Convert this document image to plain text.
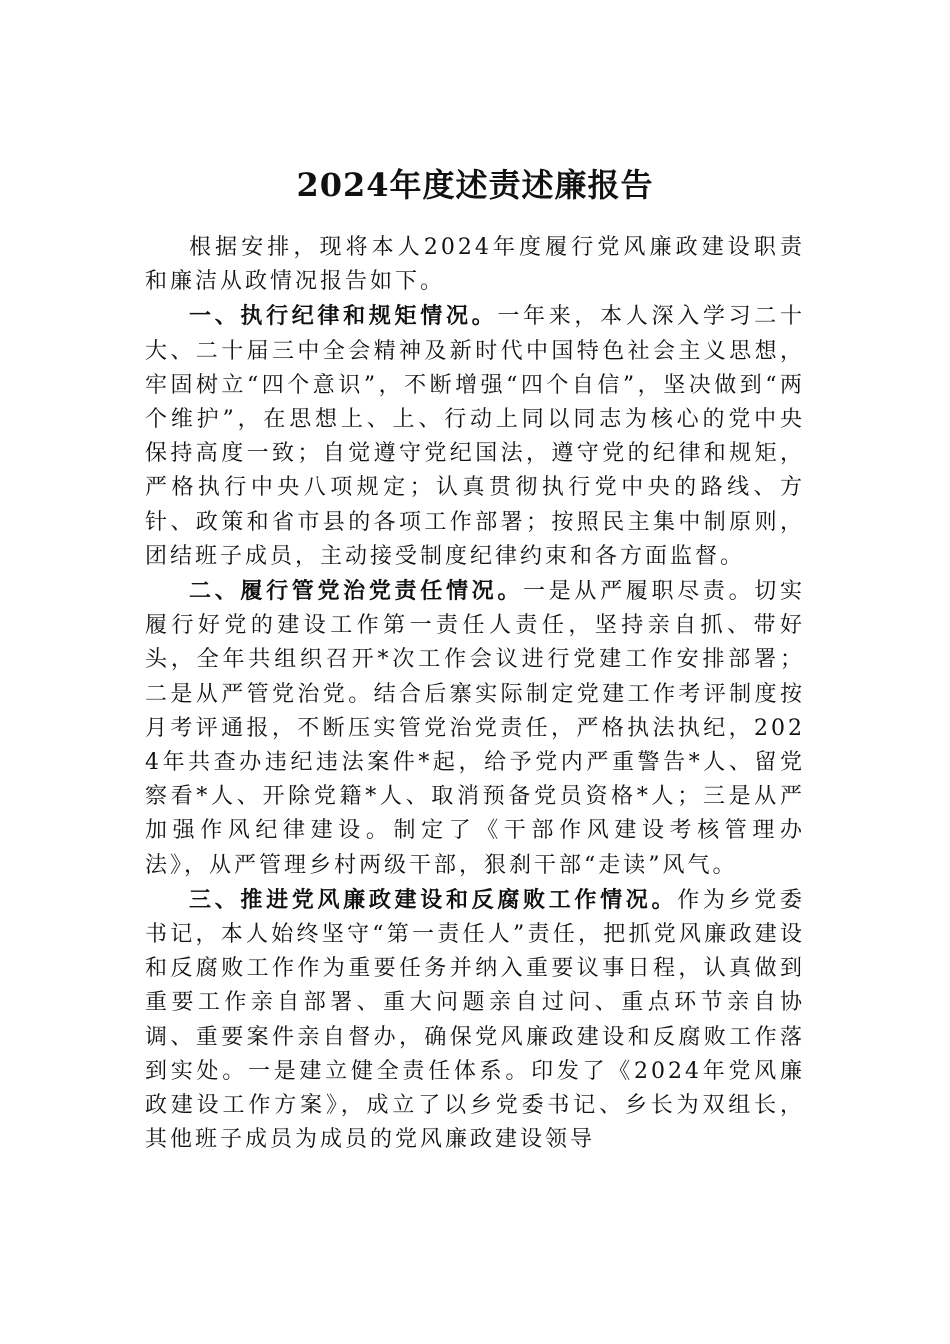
2024年度述责述廉报告

根据安排，现将本人2024年度履行党风廉政建设职责和廉洁从政情况报告如下。

一、执行纪律和规矩情况。一年来，本人深入学习二十大、二十届三中全会精神及新时代中国特色社会主义思想，牢固树立“四个意识”，不断增强“四个自信”，坚决做到“两个维护”，在思想上、上、行动上同以同志为核心的党中央保持高度一致；自觉遵守党纪国法，遵守党的纪律和规矩，严格执行中央八项规定；认真贯彻执行党中央的路线、方针、政策和省市县的各项工作部署；按照民主集中制原则，团结班子成员，主动接受制度纪律约束和各方面监督。

二、履行管党治党责任情况。一是从严履职尽责。切实履行好党的建设工作第一责任人责任，坚持亲自抓、带好头，全年共组织召开*次工作会议进行党建工作安排部署；二是从严管党治党。结合后寨实际制定党建工作考评制度按月考评通报，不断压实管党治党责任，严格执法执纪，2024年共查办违纪违法案件*起，给予党内严重警告*人、留党察看*人、开除党籍*人、取消预备党员资格*人；三是从严加强作风纪律建设。制定了《干部作风建设考核管理办法》，从严管理乡村两级干部，狠刹干部“走读”风气。

三、推进党风廉政建设和反腐败工作情况。作为乡党委书记，本人始终坚守“第一责任人”责任，把抓党风廉政建设和反腐败工作作为重要任务并纳入重要议事日程，认真做到重要工作亲自部署、重大问题亲自过问、重点环节亲自协调、重要案件亲自督办，确保党风廉政建设和反腐败工作落到实处。一是建立健全责任体系。印发了《2024年党风廉政建设工作方案》，成立了以乡党委书记、乡长为双组长，其他班子成员为成员的党风廉政建设领导
